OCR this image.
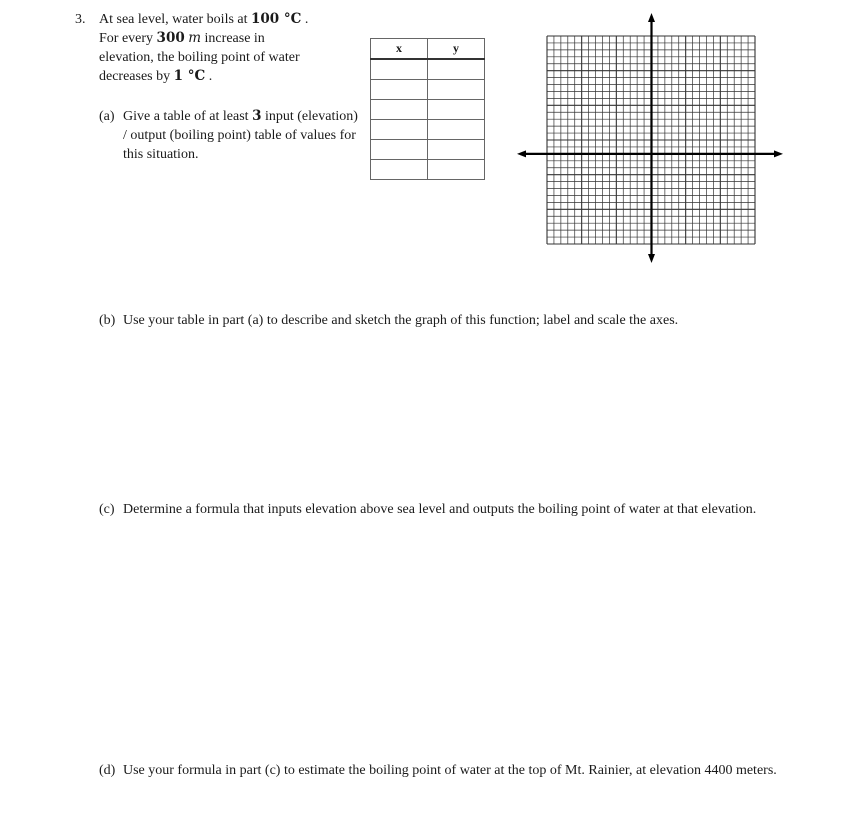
3. At sea level, water boils at 100 °C .
For every 300 m increase in
elevation, the boiling point of water
decreases by 1 °C .
(a) Give a table of at least 3 input (elevation) / output (boiling point) table of values for this situation.
x	y

(b) Use your table in part (a) to describe and sketch the graph of this function; label and scale the axes.
(c) Determine a formula that inputs elevation above sea level and outputs the boiling point of water at that elevation.
(d) Use your formula in part (c) to estimate the boiling point of water at the top of Mt. Rainier, at elevation 4400 meters.
